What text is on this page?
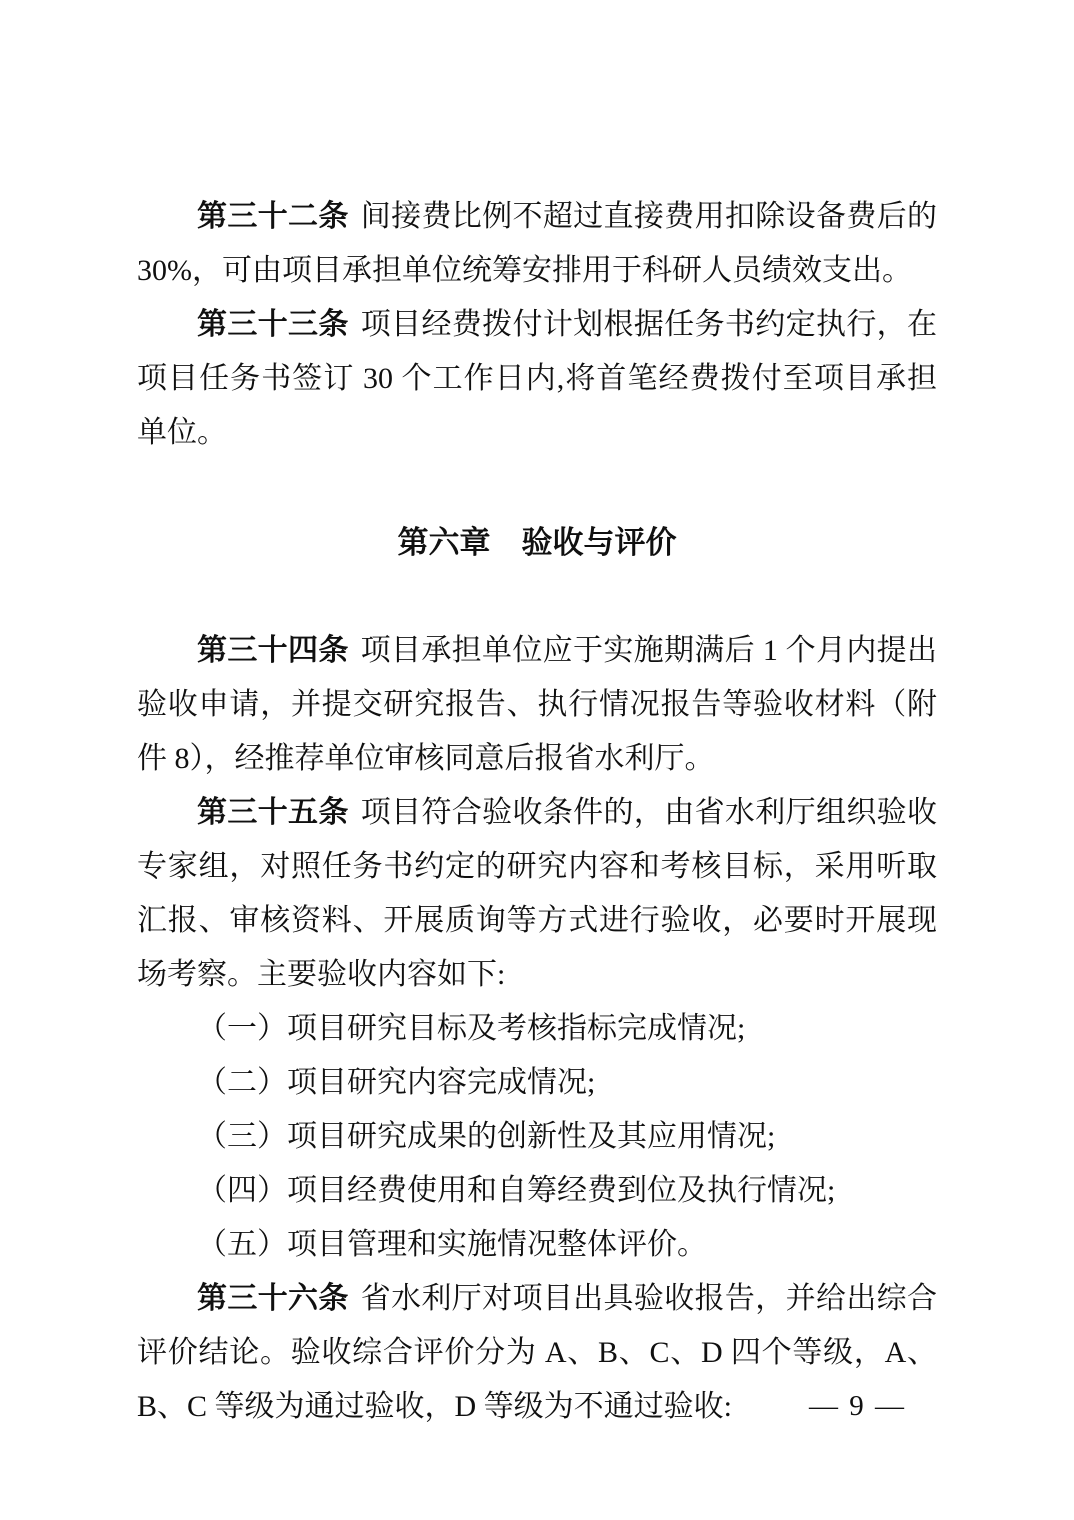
第三十二条 间接费比例不超过直接费用扣除设备费后的 30%，可由项目承担单位统筹安排用于科研人员绩效支出。

第三十三条 项目经费拨付计划根据任务书约定执行，在项目任务书签订 30 个工作日内,将首笔经费拨付至项目承担单位。

第六章　验收与评价

第三十四条 项目承担单位应于实施期满后 1 个月内提出验收申请，并提交研究报告、执行情况报告等验收材料（附件 8），经推荐单位审核同意后报省水利厅。

第三十五条 项目符合验收条件的，由省水利厅组织验收专家组，对照任务书约定的研究内容和考核目标，采用听取汇报、审核资料、开展质询等方式进行验收，必要时开展现场考察。主要验收内容如下:

（一）项目研究目标及考核指标完成情况;

（二）项目研究内容完成情况;

（三）项目研究成果的创新性及其应用情况;

（四）项目经费使用和自筹经费到位及执行情况;

（五）项目管理和实施情况整体评价。

第三十六条 省水利厅对项目出具验收报告，并给出综合评价结论。验收综合评价分为 A、B、C、D 四个等级，A、B、C 等级为通过验收，D 等级为不通过验收:	— 9 —
